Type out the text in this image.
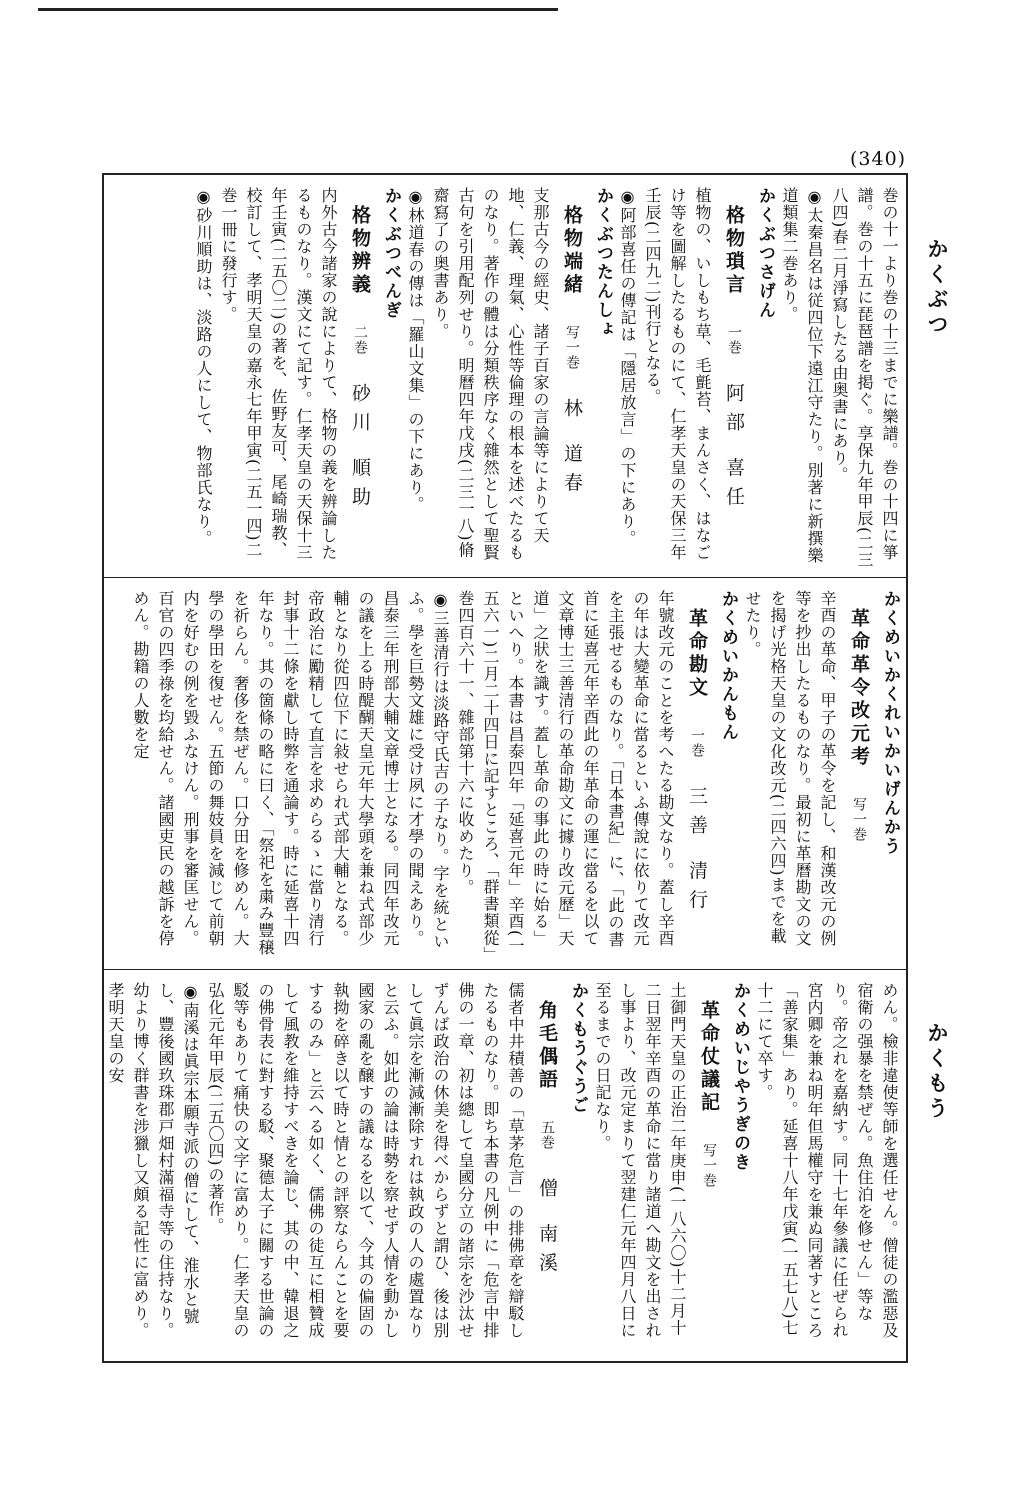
(340)
かくぶつ
かくもう
巻の十一より巻の十三までに樂譜。巻の十四に箏譜。巻の十五に琵琶譜を掲ぐ。享保九年甲辰(二三八四)春二月淨寫したる由奥書にあり。
◉太秦昌名は従四位下遠江守たり。別著に新撰樂道類集二巻あり。
かくぶつさげん
格物瑣言一巻阿部 喜任
植物の、いしもち草、毛氈苔、まんさく、はなごけ等を圖解したるものにて、仁孝天皇の天保三年壬辰(二四九二)刊行となる。
◉阿部喜任の傳記は「隱居放言」の下にあり。
かくぶつたんしょ
格物端緒写一巻林 道春
支那古今の經史、諸子百家の言論等によりて天地、仁義、理氣、心性等倫理の根本を述べたるものなり。著作の體は分類秩序なく雜然として聖賢古句を引用配列せり。明曆四年戊戌(二三一八)脩齋寫了の奥書あり。
◉林道春の傳は「羅山文集」の下にあり。
かくぶつべんぎ
格物辨義二巻砂川 順助
内外古今諸家の說によりて、格物の義を辨論したるものなり。漢文にて記す。仁孝天皇の天保十三年壬寅(二五〇二)の著を、佐野友可、尾崎瑞教、校訂して、孝明天皇の嘉永七年甲寅(二五一四)二巻一冊に發行す。
◉砂川順助は、淡路の人にして、物部氏なり。
かくめいかくれいかいげんかう
革命革令改元考写一巻
辛酉の革命、甲子の革令を記し、和漢改元の例等を抄出したるものなり。最初に革曆勘文の文を揭げ光格天皇の文化改元(二四六四)までを載せたり。
かくめいかんもん
革命勘文一巻三善 清行
年號改元のことを考へたる勘文なり。蓋し辛酉の年は大變革命に當るといふ傳說に依りて改元を主張せるものなり。「日本書紀」に、「此の書首に延喜元年辛酉此の年革命の運に當るを以て文章博士三善清行の革命勘文に據り改元歷」天道」之狀を識す。蓋し革命の事此の時に始る」といへり。本書は昌泰四年「延喜元年」辛酉(一五六一)二月二十四日に記すところ、「群書類從」巻四百六十一、雜部第十六に收めたり。
◉三善清行は淡路守氏吉の子なり。字を統といふ。學を巨勢文雄に受け夙に才學の聞えあり。昌泰三年刑部大輔文章博士となる。同四年改元の議を上る時醍醐天皇元年大學頭を兼ね式部少輔となり從四位下に敍せられ式部大輔となる。帝政治に勵精して直言を求めらるゝに當り清行封事十二條を獻し時弊を通論す。時に延喜十四年なり。其の箇條の略に曰く、「祭祀を粛み豐穣を祈らん。奢侈を禁ぜん。口分田を修めん。大學の學田を復せん。五節の舞妓員を減じて前朝内を好むの例を毀ふなけん。刑事を審匡せん。百官の四季祿を均給せん。諸國吏民の越訴を停めん。勘籍の人數を定
めん。檢非違使等師を選任せん。僧徒の濫惡及宿衛の强暴を禁ぜん。魚住泊を修せん」等なり。帝之れを嘉納す。同十七年參議に任ぜられ宮内卿を兼ね明年但馬權守を兼ぬ同著すところ「善家集」あり。延喜十八年戊寅(一五七八)七十二にて卒す。
かくめいじやうぎのき
革命仗議記写一巻
土御門天皇の正治二年庚申(一八六〇)十二月十二日翌年辛酉の革命に當り諸道へ勘文を出されし事より、改元定まりて翌建仁元年四月八日に至るまでの日記なり。
かくもうぐうご
角毛偶語五巻僧 南溪
儒者中井積善の「草茅危言」の排佛章を辯駁したるものなり。即ち本書の凡例中に「危言中排佛の一章、初は總して皇國分立の諸宗を沙汰せずんば政治の休美を得べからずと謂ひ、後は別して眞宗を漸減漸除すれは執政の人の處置なりと云ふ。如此の論は時勢を察せず人情を動かし國家の亂を醸すの議なるを以て、今其の偏固の執拗を碎き以て時と情との評察ならんことを要するのみ」と云へる如く、儒佛の徒互に相贊成して風教を維持すべきを論じ、其の中、韓退之の佛骨表に對する駁、聚德太子に關する世論の駁等もありて痛快の文字に富めり。仁孝天皇の弘化元年甲辰(二五〇四)の著作。
◉南溪は眞宗本願寺派の僧にして、淮水と號し、豐後國玖珠郡戸畑村滿福寺等の住持なり。幼より博く群書を涉獵し又頗る記性に富めり。孝明天皇の安
